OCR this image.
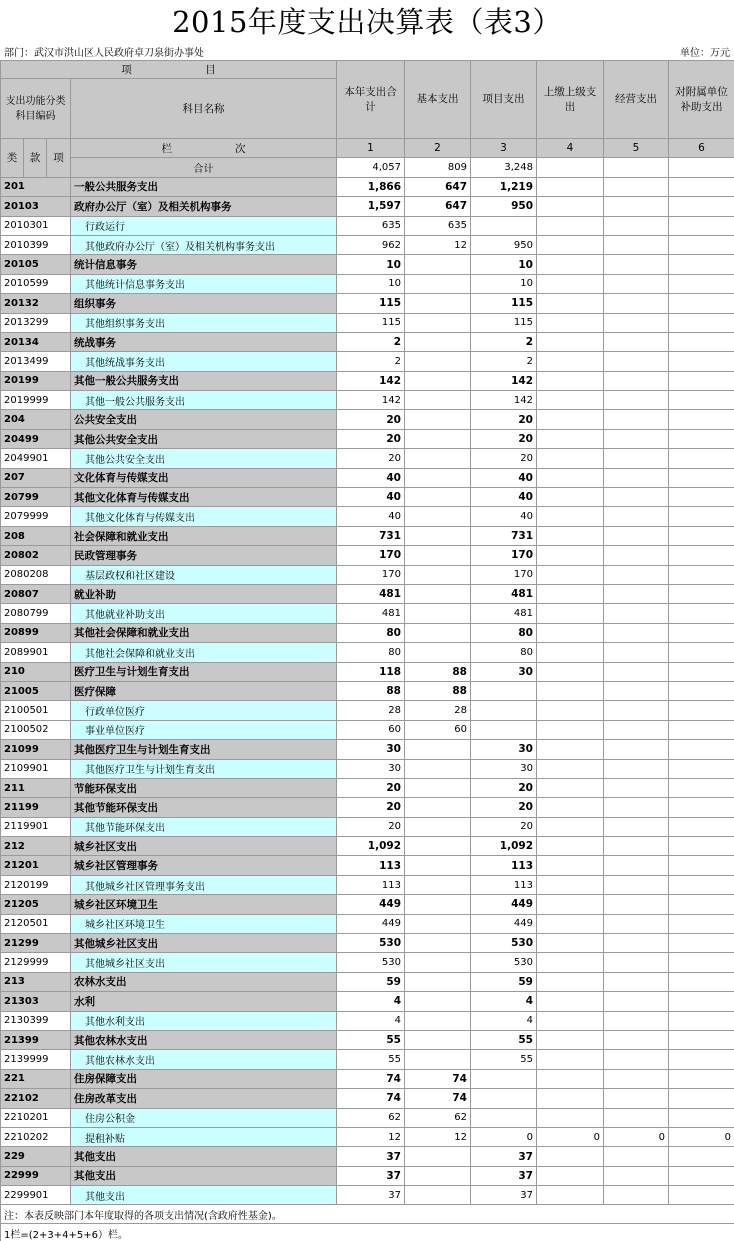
2015年度支出决算表（表3）
部门：武汉市洪山区人民政府卓刀泉街办事处	单位：万元
项　　　　　　　目				本年支出合计	基本支出	项目支出	上缴上级支出	经营支出	对附属单位补助支出
支出功能分类科目编码			科目名称						
类	款	项	栏　　　　　　次	1	2	3	4	5	6
			合计	4,057	809	3,248			
201			一般公共服务支出	1,866	647	1,219			
20103			政府办公厅（室）及相关机构事务	1,597	647	950			
2010301			行政运行	635	635				
2010399			其他政府办公厅（室）及相关机构事务支出	962	12	950			
20105			统计信息事务	10		10			
2010599			其他统计信息事务支出	10		10			
20132			组织事务	115		115			
2013299			其他组织事务支出	115		115			
20134			统战事务	2		2			
2013499			其他统战事务支出	2		2			
20199			其他一般公共服务支出	142		142			
2019999			其他一般公共服务支出	142		142			
204			公共安全支出	20		20			
20499			其他公共安全支出	20		20			
2049901			其他公共安全支出	20		20			
207			文化体育与传媒支出	40		40			
20799			其他文化体育与传媒支出	40		40			
2079999			其他文化体育与传媒支出	40		40			
208			社会保障和就业支出	731		731			
20802			民政管理事务	170		170			
2080208			基层政权和社区建设	170		170			
20807			就业补助	481		481			
2080799			其他就业补助支出	481		481			
20899			其他社会保障和就业支出	80		80			
2089901			其他社会保障和就业支出	80		80			
210			医疗卫生与计划生育支出	118	88	30			
21005			医疗保障	88	88				
2100501			行政单位医疗	28	28				
2100502			事业单位医疗	60	60				
21099			其他医疗卫生与计划生育支出	30		30			
2109901			其他医疗卫生与计划生育支出	30		30			
211			节能环保支出	20		20			
21199			其他节能环保支出	20		20			
2119901			其他节能环保支出	20		20			
212			城乡社区支出	1,092		1,092			
21201			城乡社区管理事务	113		113			
2120199			其他城乡社区管理事务支出	113		113			
21205			城乡社区环境卫生	449		449			
2120501			城乡社区环境卫生	449		449			
21299			其他城乡社区支出	530		530			
2129999			其他城乡社区支出	530		530			
213			农林水支出	59		59			
21303			水利	4		4			
2130399			其他水利支出	4		4			
21399			其他农林水支出	55		55			
2139999			其他农林水支出	55		55			
221			住房保障支出	74	74				
22102			住房改革支出	74	74				
2210201			住房公积金	62	62				
2210202			提租补贴	12	12	0	0	0	0
229			其他支出	37		37			
22999			其他支出	37		37			
2299901			其他支出	37		37			
注：本表反映部门本年度取得的各项支出情况(含政府性基金)。									
1栏=(2+3+4+5+6）栏。									
